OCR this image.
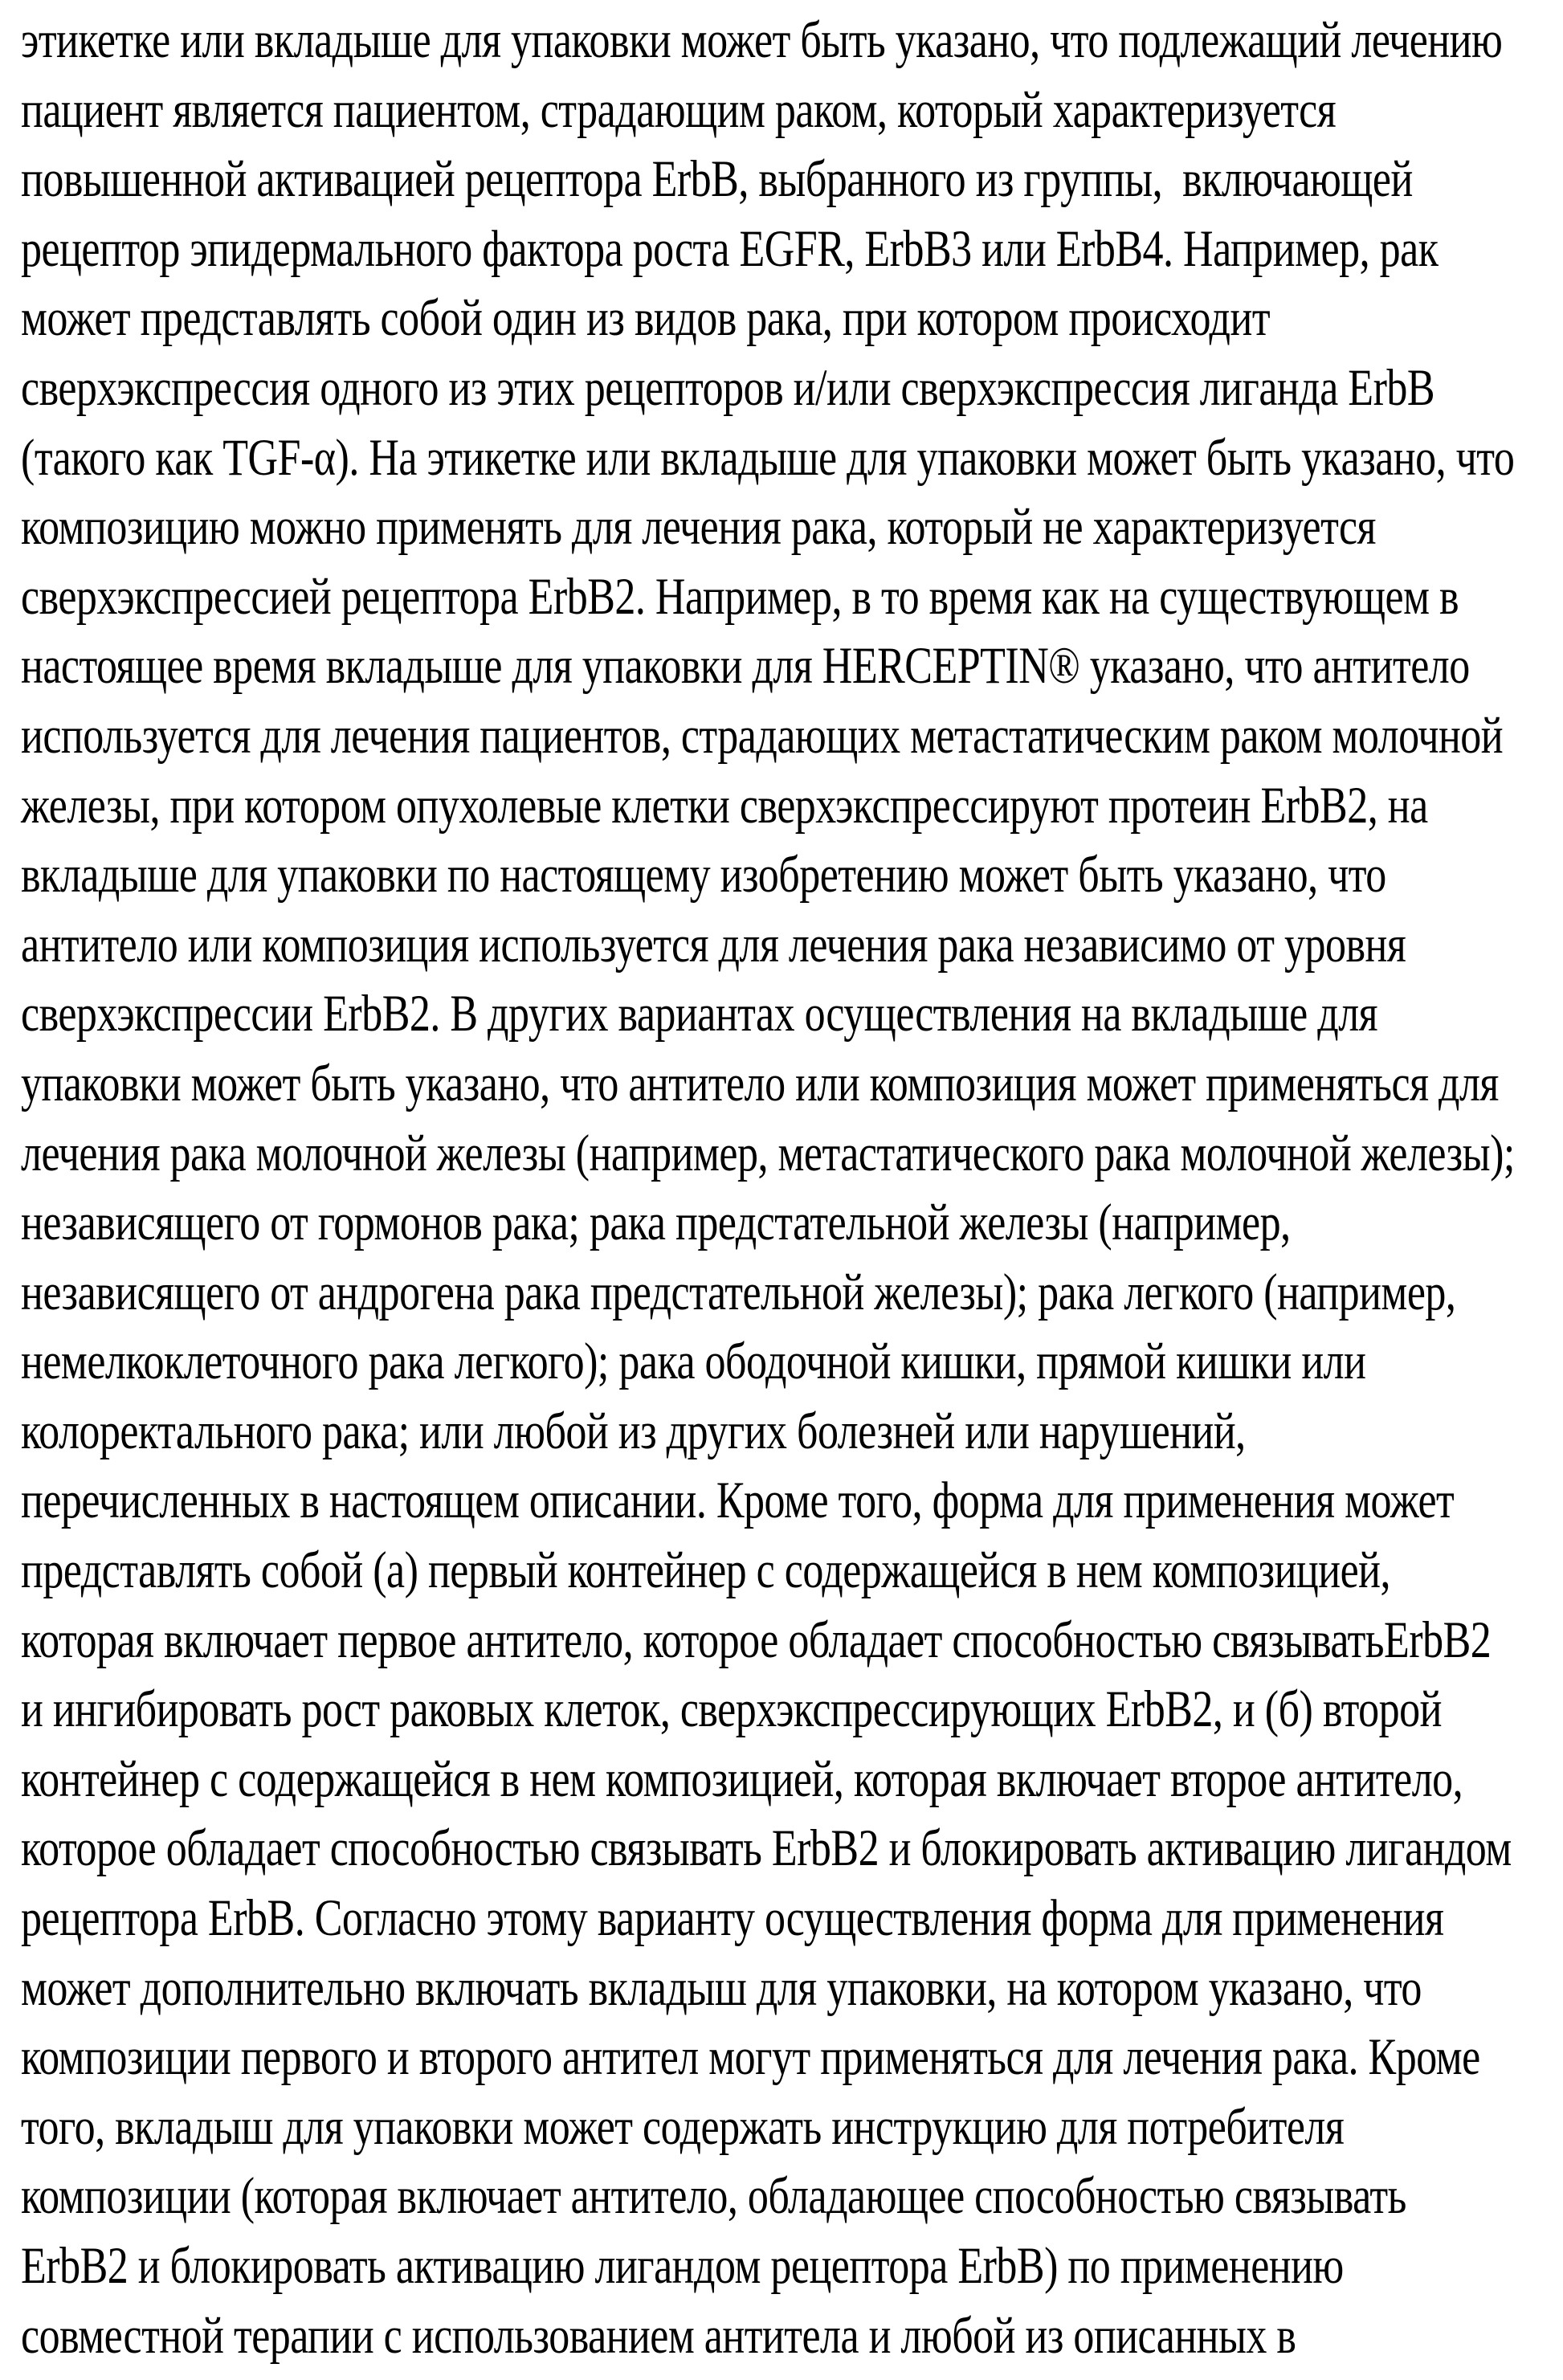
этикетке или вкладыше для упаковки может быть указано, что подлежащий лечению
пациент является пациентом, страдающим раком, который характеризуется
повышенной активацией рецептора ErbB, выбранного из группы,  включающей
рецептор эпидермального фактора роста EGFR, ErbB3 или ErbB4. Например, рак
может представлять собой один из видов рака, при котором происходит
сверхэкспрессия одного из этих рецепторов и/или сверхэкспрессия лиганда ErbB
(такого как TGF-α). На этикетке или вкладыше для упаковки может быть указано, что
композицию можно применять для лечения рака, который не характеризуется
сверхэкспрессией рецептора ErbB2. Например, в то время как на существующем в
настоящее время вкладыше для упаковки для HERCEPTIN® указано, что антитело
используется для лечения пациентов, страдающих метастатическим раком молочной
железы, при котором опухолевые клетки сверхэкспрессируют протеин ErbB2, на
вкладыше для упаковки по настоящему изобретению может быть указано, что
антитело или композиция используется для лечения рака независимо от уровня
сверхэкспрессии ErbB2. В других вариантах осуществления на вкладыше для
упаковки может быть указано, что антитело или композиция может применяться для
лечения рака молочной железы (например, метастатического рака молочной железы);
независящего от гормонов рака; рака предстательной железы (например,
независящего от андрогена рака предстательной железы); рака легкого (например,
немелкоклеточного рака легкого); рака ободочной кишки, прямой кишки или
колоректального рака; или любой из других болезней или нарушений,
перечисленных в настоящем описании. Кроме того, форма для применения может
представлять собой (а) первый контейнер с содержащейся в нем композицией,
которая включает первое антитело, которое обладает способностью связыватьErbB2
и ингибировать рост раковых клеток, сверхэкспрессирующих ErbB2, и (б) второй
контейнер с содержащейся в нем композицией, которая включает второе антитело,
которое обладает способностью связывать ErbB2 и блокировать активацию лигандом
рецептора ErbB. Согласно этому варианту осуществления форма для применения
может дополнительно включать вкладыш для упаковки, на котором указано, что
композиции первого и второго антител могут применяться для лечения рака. Кроме
того, вкладыш для упаковки может содержать инструкцию для потребителя
композиции (которая включает антитело, обладающее способностью связывать
ErbB2 и блокировать активацию лигандом рецептора ErbB) по применению
совместной терапии с использованием антитела и любой из описанных в
